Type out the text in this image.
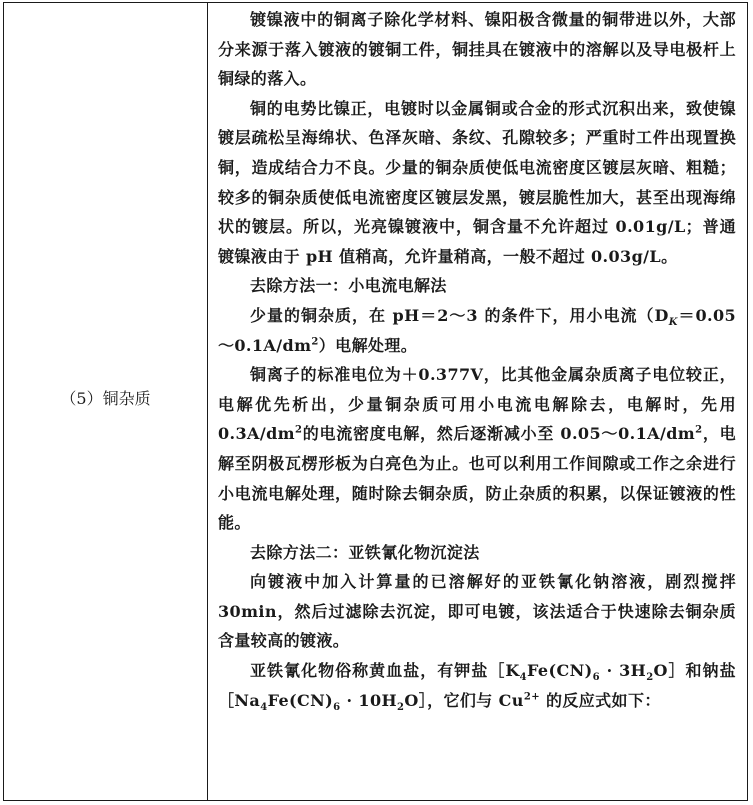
（5）铜杂质

镀镍液中的铜离子除化学材料、镍阳极含微量的铜带进以外，大部分来源于落入镀液的镀铜工件，铜挂具在镀液中的溶解以及导电极杆上铜绿的落入。

铜的电势比镍正，电镀时以金属铜或合金的形式沉积出来，致使镍镀层疏松呈海绵状、色泽灰暗、条纹、孔隙较多；严重时工件出现置换铜，造成结合力不良。少量的铜杂质使低电流密度区镀层灰暗、粗糙；较多的铜杂质使低电流密度区镀层发黑，镀层脆性加大，甚至出现海绵状的镀层。所以，光亮镍镀液中，铜含量不允许超过 0.01g/L；普通镀镍液由于 pH 值稍高，允许量稍高，一般不超过 0.03g/L。

去除方法一：小电流电解法

少量的铜杂质，在 pH＝2～3 的条件下，用小电流$(D_K=0.05\sim 0.1A/dm^2)$电解处理。

铜离子的标准电位为＋0.377V，比其他金属杂质离子电位较正，电解优先析出，少量铜杂质可用小电流电解除去，电解时，先用 $0.3A/dm^2$的电流密度电解，然后逐渐减小至 $0.05\sim 0.1A/dm^2$，电解至阴极瓦楞形板为白亮色为止。也可以利用工作间隙或工作之余进行小电流电解处理，随时除去铜杂质，防止杂质的积累，以保证镀液的性能。

去除方法二：亚铁氰化物沉淀法

向镀液中加入计算量的已溶解好的亚铁氰化钠溶液，剧烈搅拌 30min，然后过滤除去沉淀，即可电镀，该法适合于快速除去铜杂质含量较高的镀液。

亚铁氰化物俗称黄血盐，有钾盐$[K_4Fe(CN)_6$ · $3H_2O]$和钠盐$[Na_4Fe(CN)_6$ · $10H_2O]$，它们与 $Cu^{2+}$ 的反应式如下：
